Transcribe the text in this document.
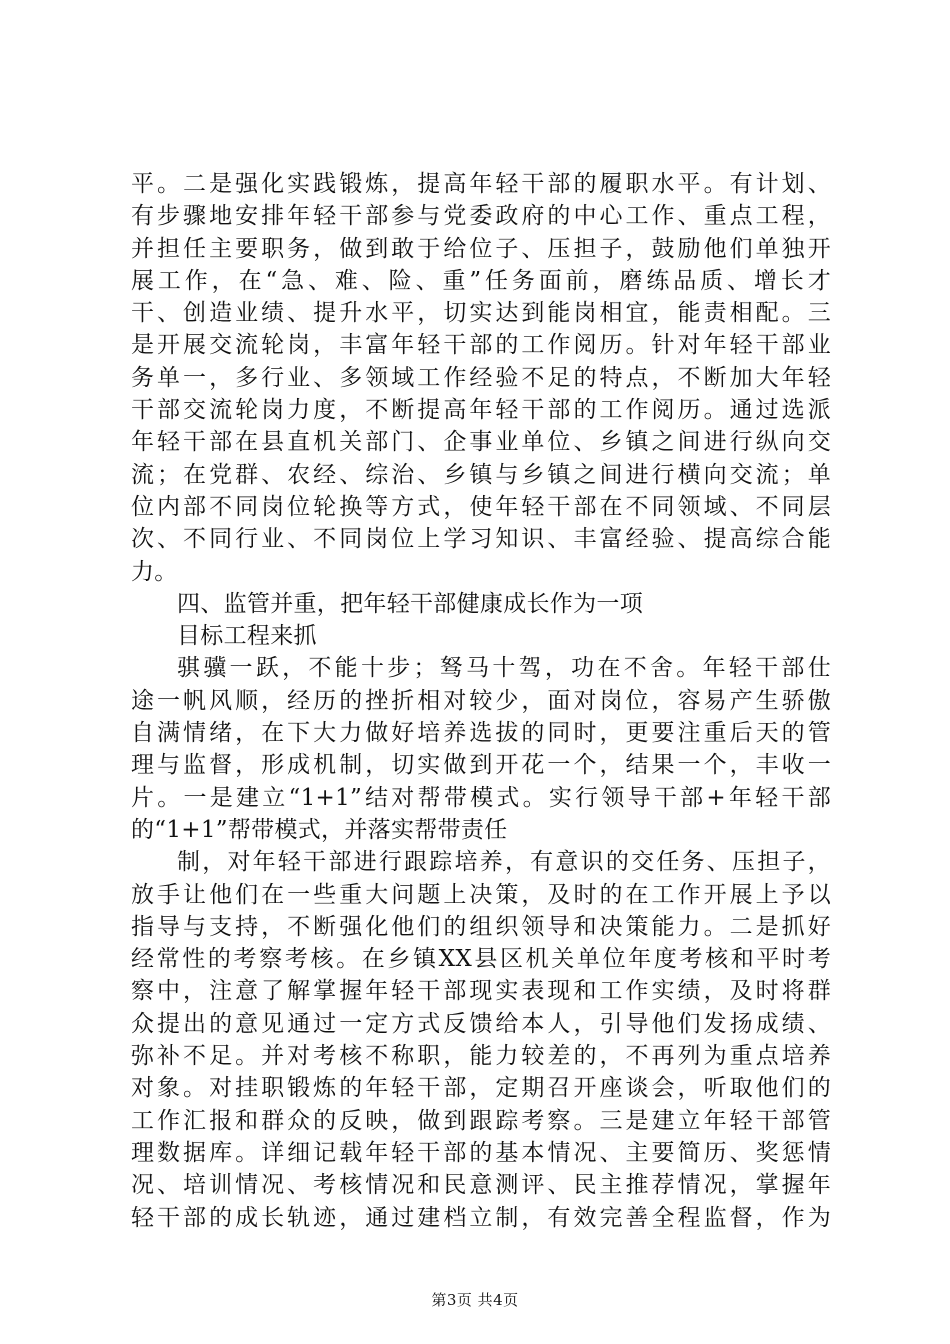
平。二是强化实践锻炼，提高年轻干部的履职水平。有计划、
有步骤地安排年轻干部参与党委政府的中心工作、重点工程，
并担任主要职务，做到敢于给位子、压担子，鼓励他们单独开
展工作，在“急、难、险、重”任务面前，磨练品质、增长才
干、创造业绩、提升水平，切实达到能岗相宜，能责相配。三
是开展交流轮岗，丰富年轻干部的工作阅历。针对年轻干部业
务单一，多行业、多领域工作经验不足的特点，不断加大年轻
干部交流轮岗力度，不断提高年轻干部的工作阅历。通过选派
年轻干部在县直机关部门、企事业单位、乡镇之间进行纵向交
流；在党群、农经、综治、乡镇与乡镇之间进行横向交流；单
位内部不同岗位轮换等方式，使年轻干部在不同领域、不同层
次、不同行业、不同岗位上学习知识、丰富经验、提高综合能
力。
四、监管并重，把年轻干部健康成长作为一项
目标工程来抓
骐骥一跃，不能十步；驽马十驾，功在不舍。年轻干部仕
途一帆风顺，经历的挫折相对较少，面对岗位，容易产生骄傲
自满情绪，在下大力做好培养选拔的同时，更要注重后天的管
理与监督，形成机制，切实做到开花一个，结果一个，丰收一
片。一是建立“1+1”结对帮带模式。实行领导干部+年轻干部
的“1+1”帮带模式，并落实帮带责任
制，对年轻干部进行跟踪培养，有意识的交任务、压担子，
放手让他们在一些重大问题上决策，及时的在工作开展上予以
指导与支持，不断强化他们的组织领导和决策能力。二是抓好
经常性的考察考核。在乡镇XX县区机关单位年度考核和平时考
察中，注意了解掌握年轻干部现实表现和工作实绩，及时将群
众提出的意见通过一定方式反馈给本人，引导他们发扬成绩、
弥补不足。并对考核不称职，能力较差的，不再列为重点培养
对象。对挂职锻炼的年轻干部，定期召开座谈会，听取他们的
工作汇报和群众的反映，做到跟踪考察。三是建立年轻干部管
理数据库。详细记载年轻干部的基本情况、主要简历、奖惩情
况、培训情况、考核情况和民意测评、民主推荐情况，掌握年
轻干部的成长轨迹，通过建档立制，有效完善全程监督，作为
第3页 共4页
